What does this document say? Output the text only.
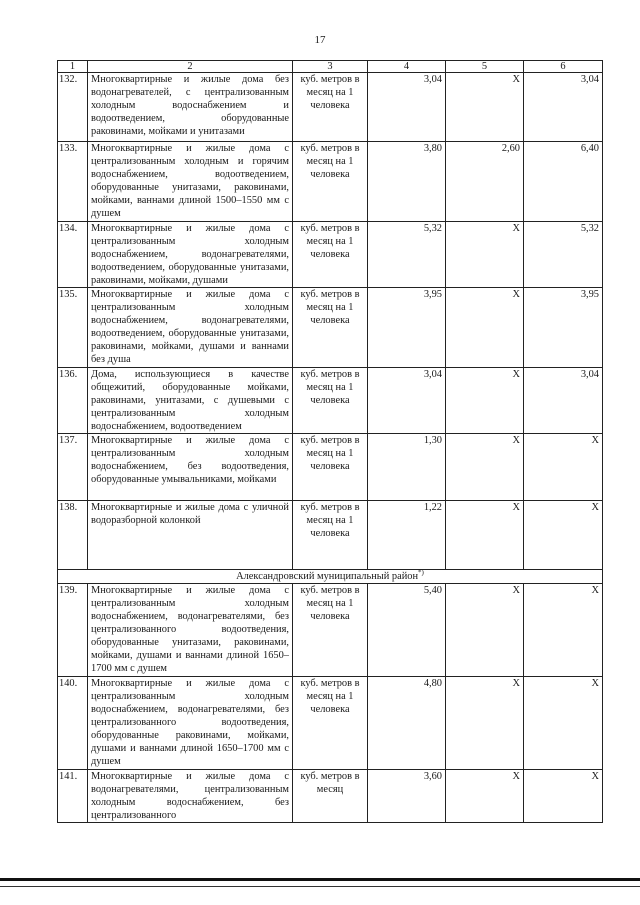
17
1	2	3	4	5	6
132.	Многоквартирные и жилые дома без водонагревателей, с централизованным холодным водоснабжением и водоотведением, оборудованные раковинами, мойками и унитазами	куб. метров в месяц на 1 человека	3,04	Х	3,04
133.	Многоквартирные и жилые дома с централизованным холодным и горячим водоснабжением, водоотведением, оборудованные унитазами, раковинами, мойками, ваннами длиной 1500–1550 мм с душем	куб. метров в месяц на 1 человека	3,80	2,60	6,40
134.	Многоквартирные и жилые дома с централизованным холодным водоснабжением, водонагревателями, водоотведением, оборудованные унитазами, раковинами, мойками, душами	куб. метров в месяц на 1 человека	5,32	Х	5,32
135.	Многоквартирные и жилые дома с централизованным холодным водоснабжением, водонагревателями, водоотведением, оборудованные унитазами, раковинами, мойками, душами и ваннами без душа	куб. метров в месяц на 1 человека	3,95	Х	3,95
136.	Дома, использующиеся в качестве общежитий, оборудованные мойками, раковинами, унитазами, с душевыми с централизованным холодным водоснабжением, водоотведением	куб. метров в месяц на 1 человека	3,04	Х	3,04
137.	Многоквартирные и жилые дома с централизованным холодным водоснабжением, без водоотведения, оборудованные умывальниками, мойками	куб. метров в месяц на 1 человека	1,30	Х	Х
138.	Многоквартирные и жилые дома с уличной водоразборной колонкой	куб. метров в месяц на 1 человека	1,22	Х	Х
Александровский муниципальный район*)
139.	Многоквартирные и жилые дома с централизованным холодным водоснабжением, водонагревателями, без централизованного водоотведения, оборудованные унитазами, раковинами, мойками, душами и ваннами длиной 1650–1700 мм с душем	куб. метров в месяц на 1 человека	5,40	Х	Х
140.	Многоквартирные и жилые дома с централизованным холодным водоснабжением, водонагревателями, без централизованного водоотведения, оборудованные раковинами, мойками, душами и ваннами длиной 1650–1700 мм с душем	куб. метров в месяц на 1 человека	4,80	Х	Х
141.	Многоквартирные и жилые дома с водонагревателями, централизованным холодным водоснабжением, без централизованного	куб. метров в месяц	3,60	Х	Х
